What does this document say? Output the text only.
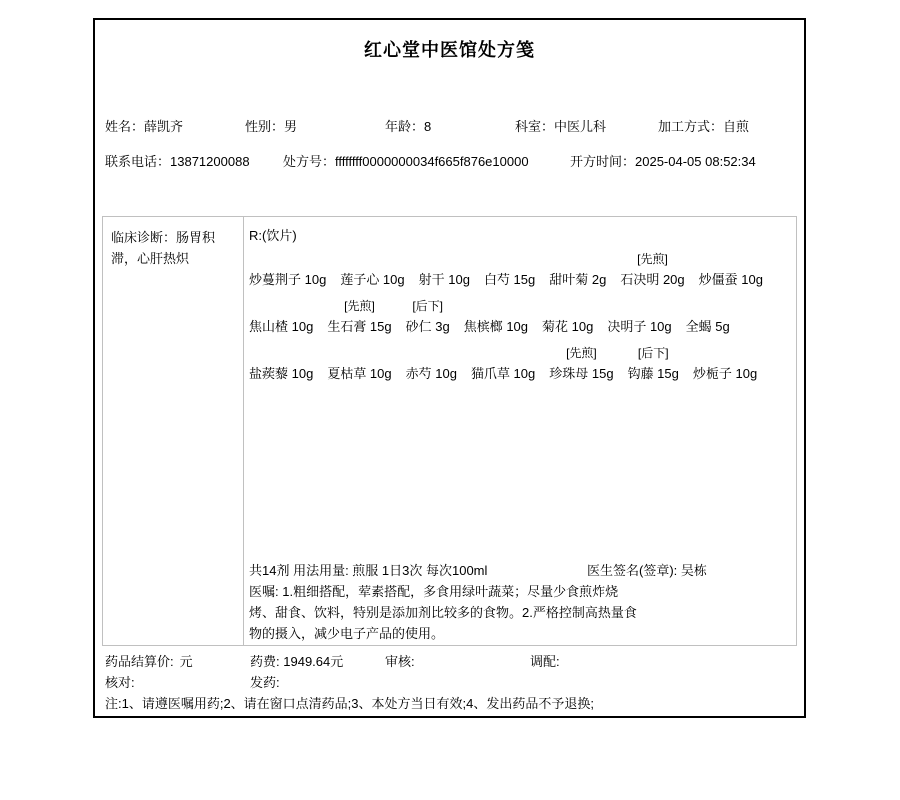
红心堂中医馆处方笺
姓名：薛凯齐	性别：男	年龄：8	科室：中医儿科	加工方式：自煎
联系电话：13871200088	处方号：ffffffff0000000034f665f876e10000	开方时间：2025-04-05 08:52:34
临床诊断：肠胃积滞，心肝热炽
R:(饮片)

炒蔓荆子 10g
莲子心 10g
射干 10g
白芍 15g
甜叶菊 2g
[先煎]
石决明 20g
炒僵蚕 10g

焦山楂 10g
[先煎]
生石膏 15g
[后下]
砂仁 3g
焦槟榔 10g
菊花 10g
决明子 10g
全蝎 5g

盐蒺藜 10g
夏枯草 10g
赤芍 10g
猫爪草 10g
[先煎]
珍珠母 15g
[后下]
钩藤 15g
炒栀子 10g
共14剂 用法用量: 煎服 1日3次 每次100ml	医生签名(签章): 吴栋
医嘱: 1.粗细搭配，荤素搭配，多食用绿叶蔬菜；尽量少食煎炸烧烤、甜食、饮料，特别是添加剂比较多的食物。2.严格控制高热量食物的摄入，减少电子产品的使用。
药品结算价: 元	药费: 1949.64元	审核:	调配:
核对:	发药:
注:1、请遵医嘱用药;2、请在窗口点清药品;3、本处方当日有效;4、发出药品不予退换;
